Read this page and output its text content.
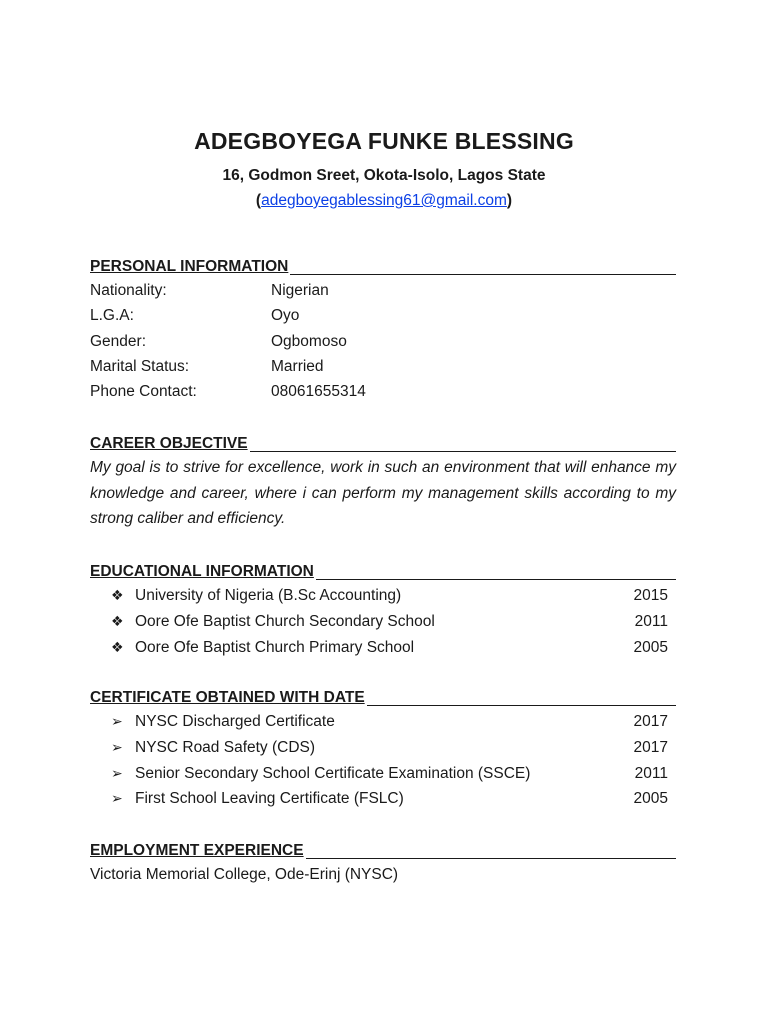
ADEGBOYEGA FUNKE BLESSING
16, Godmon Sreet, Okota-Isolo, Lagos State
(adegboyegablessing61@gmail.com)
PERSONAL INFORMATION
Nationality:	Nigerian
L.G.A:	Oyo
Gender:	Ogbomoso
Marital Status:	Married
Phone Contact:	08061655314
CAREER OBJECTIVE
My goal is to strive for excellence, work in such an environment that will enhance my knowledge and career, where i can perform my management skills according to my strong caliber and efficiency.
EDUCATIONAL INFORMATION
❖ University of Nigeria (B.Sc Accounting)	2015
❖ Oore Ofe Baptist Church Secondary School	2011
❖ Oore Ofe Baptist Church Primary School	2005
CERTIFICATE OBTAINED WITH DATE
➢ NYSC Discharged Certificate	2017
➢ NYSC Road Safety (CDS)	2017
➢ Senior Secondary School Certificate Examination (SSCE)	2011
➢ First School Leaving Certificate (FSLC)	2005
EMPLOYMENT EXPERIENCE
Victoria Memorial College, Ode-Erinj (NYSC)
